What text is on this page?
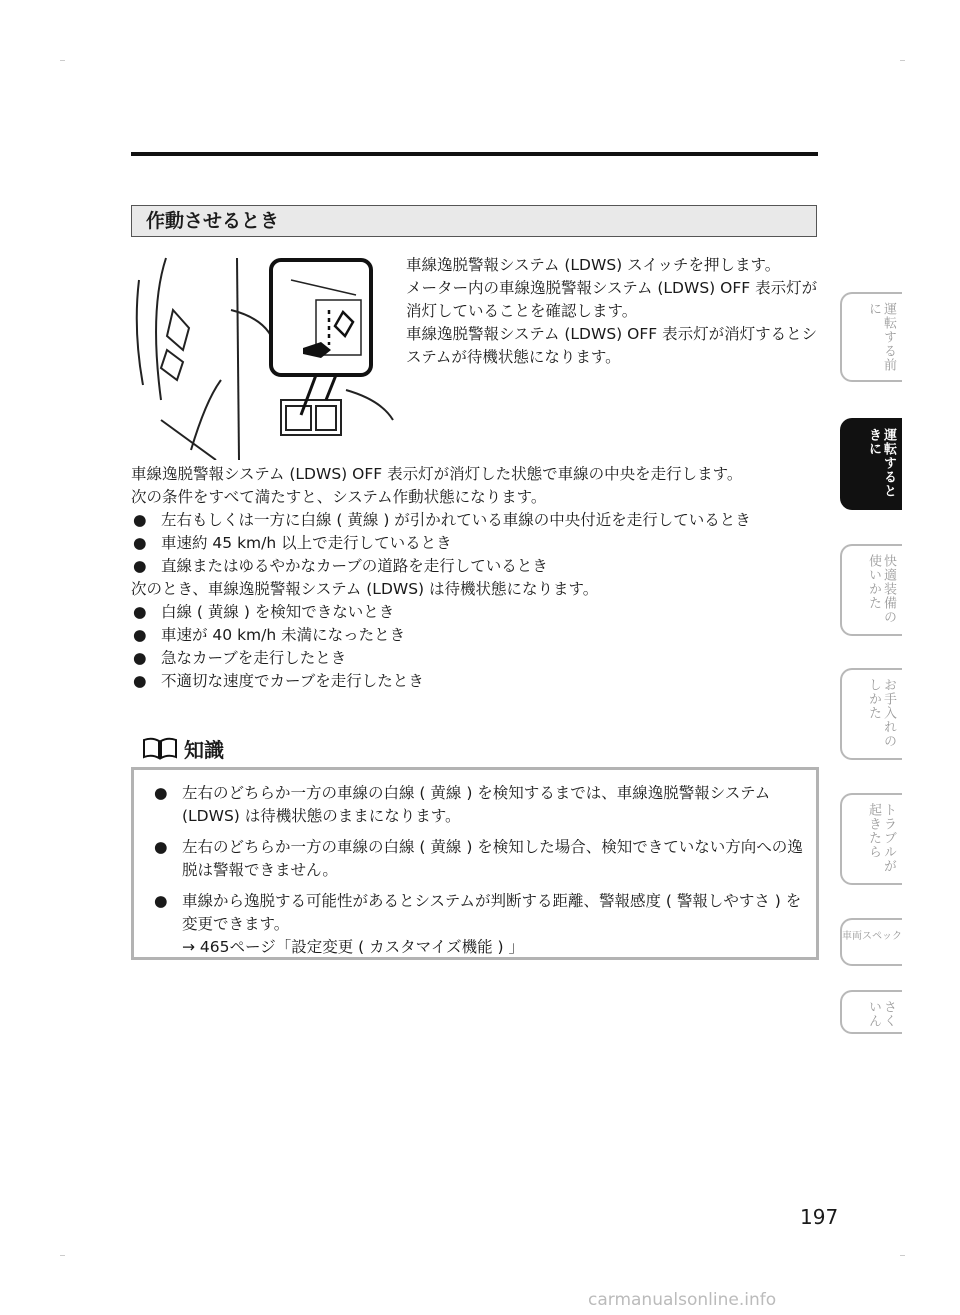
作動させるとき

車線逸脱警報システム (LDWS) スイッチを押します。

メーター内の車線逸脱警報システム (LDWS) OFF 表示灯が消灯していることを確認します。

車線逸脱警報システム (LDWS) OFF 表示灯が消灯するとシステムが待機状態になります。

車線逸脱警報システム (LDWS) OFF 表示灯が消灯した状態で車線の中央を走行します。

次の条件をすべて満たすと、システム作動状態になります。

● 左右もしくは一方に白線 ( 黄線 ) が引かれている車線の中央付近を走行しているとき

● 車速約 45 km/h 以上で走行しているとき

● 直線またはゆるやかなカーブの道路を走行しているとき

次のとき、車線逸脱警報システム (LDWS) は待機状態になります。

● 白線 ( 黄線 ) を検知できないとき

● 車速が 40 km/h 未満になったとき

● 急なカーブを走行したとき

● 不適切な速度でカーブを走行したとき

知識
● 左右のどちらか一方の車線の白線 ( 黄線 ) を検知するまでは、車線逸脱警報システム (LDWS) は待機状態のままになります。
● 左右のどちらか一方の車線の白線 ( 黄線 ) を検知した場合、検知できていない方向への逸脱は警報できません。
● 車線から逸脱する可能性があるとシステムが判断する距離、警報感度 ( 警報しやすさ ) を変更できます。

→ 465ページ「設定変更 ( カスタマイズ機能 ) 」

運転する前に
運転するときに
快適装備の使いかた
お手入れのしかた
トラブルが起きたら
車両スペック
さくいん
197
carmanualsonline.info
